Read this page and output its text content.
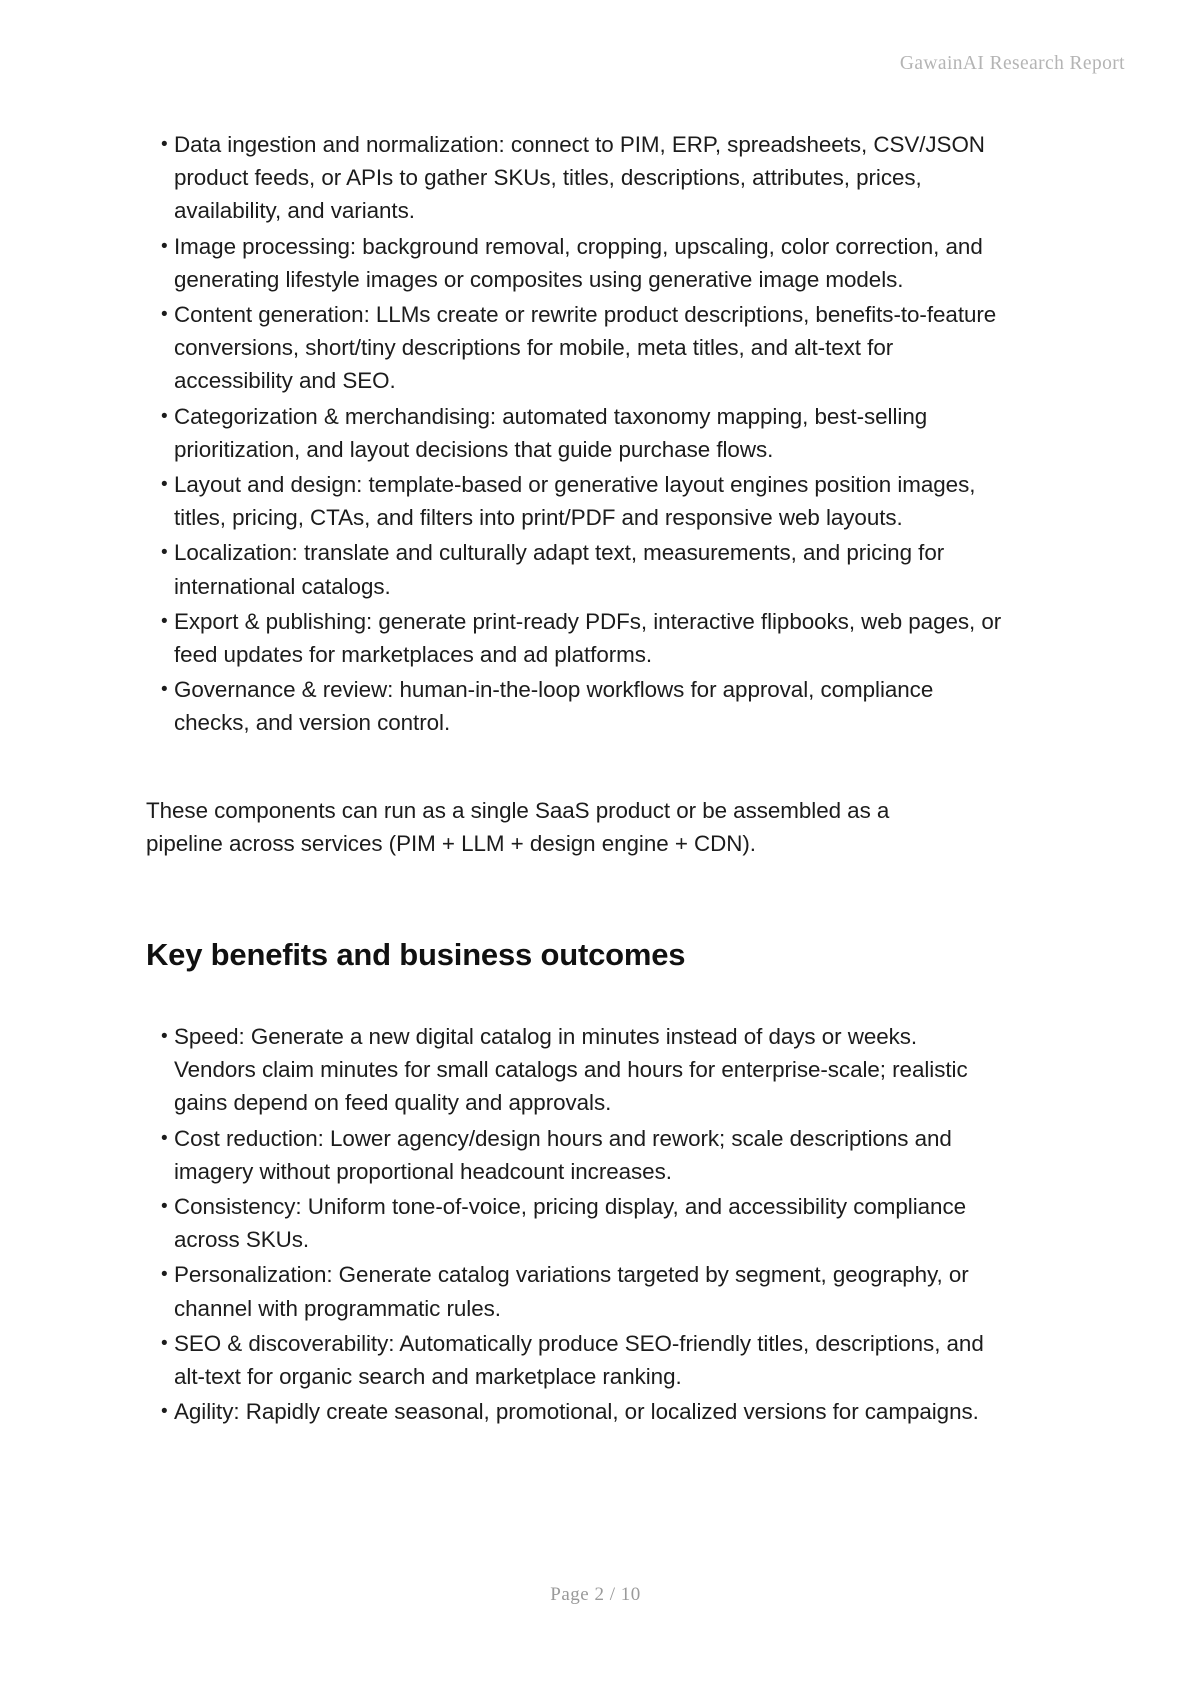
GawainAI Research Report
• Data ingestion and normalization: connect to PIM, ERP, spreadsheets, CSV/JSON product feeds, or APIs to gather SKUs, titles, descriptions, attributes, prices, availability, and variants.
• Image processing: background removal, cropping, upscaling, color correction, and generating lifestyle images or composites using generative image models.
• Content generation: LLMs create or rewrite product descriptions, benefits-to-feature conversions, short/tiny descriptions for mobile, meta titles, and alt-text for accessibility and SEO.
• Categorization & merchandising: automated taxonomy mapping, best-selling prioritization, and layout decisions that guide purchase flows.
• Layout and design: template-based or generative layout engines position images, titles, pricing, CTAs, and filters into print/PDF and responsive web layouts.
• Localization: translate and culturally adapt text, measurements, and pricing for international catalogs.
• Export & publishing: generate print-ready PDFs, interactive flipbooks, web pages, or feed updates for marketplaces and ad platforms.
• Governance & review: human-in-the-loop workflows for approval, compliance checks, and version control.

These components can run as a single SaaS product or be assembled as a pipeline across services (PIM + LLM + design engine + CDN).

Key benefits and business outcomes
• Speed: Generate a new digital catalog in minutes instead of days or weeks. Vendors claim minutes for small catalogs and hours for enterprise-scale; realistic gains depend on feed quality and approvals.
• Cost reduction: Lower agency/design hours and rework; scale descriptions and imagery without proportional headcount increases.
• Consistency: Uniform tone-of-voice, pricing display, and accessibility compliance across SKUs.
• Personalization: Generate catalog variations targeted by segment, geography, or channel with programmatic rules.
• SEO & discoverability: Automatically produce SEO-friendly titles, descriptions, and alt-text for organic search and marketplace ranking.
• Agility: Rapidly create seasonal, promotional, or localized versions for campaigns.
Page 2 / 10
